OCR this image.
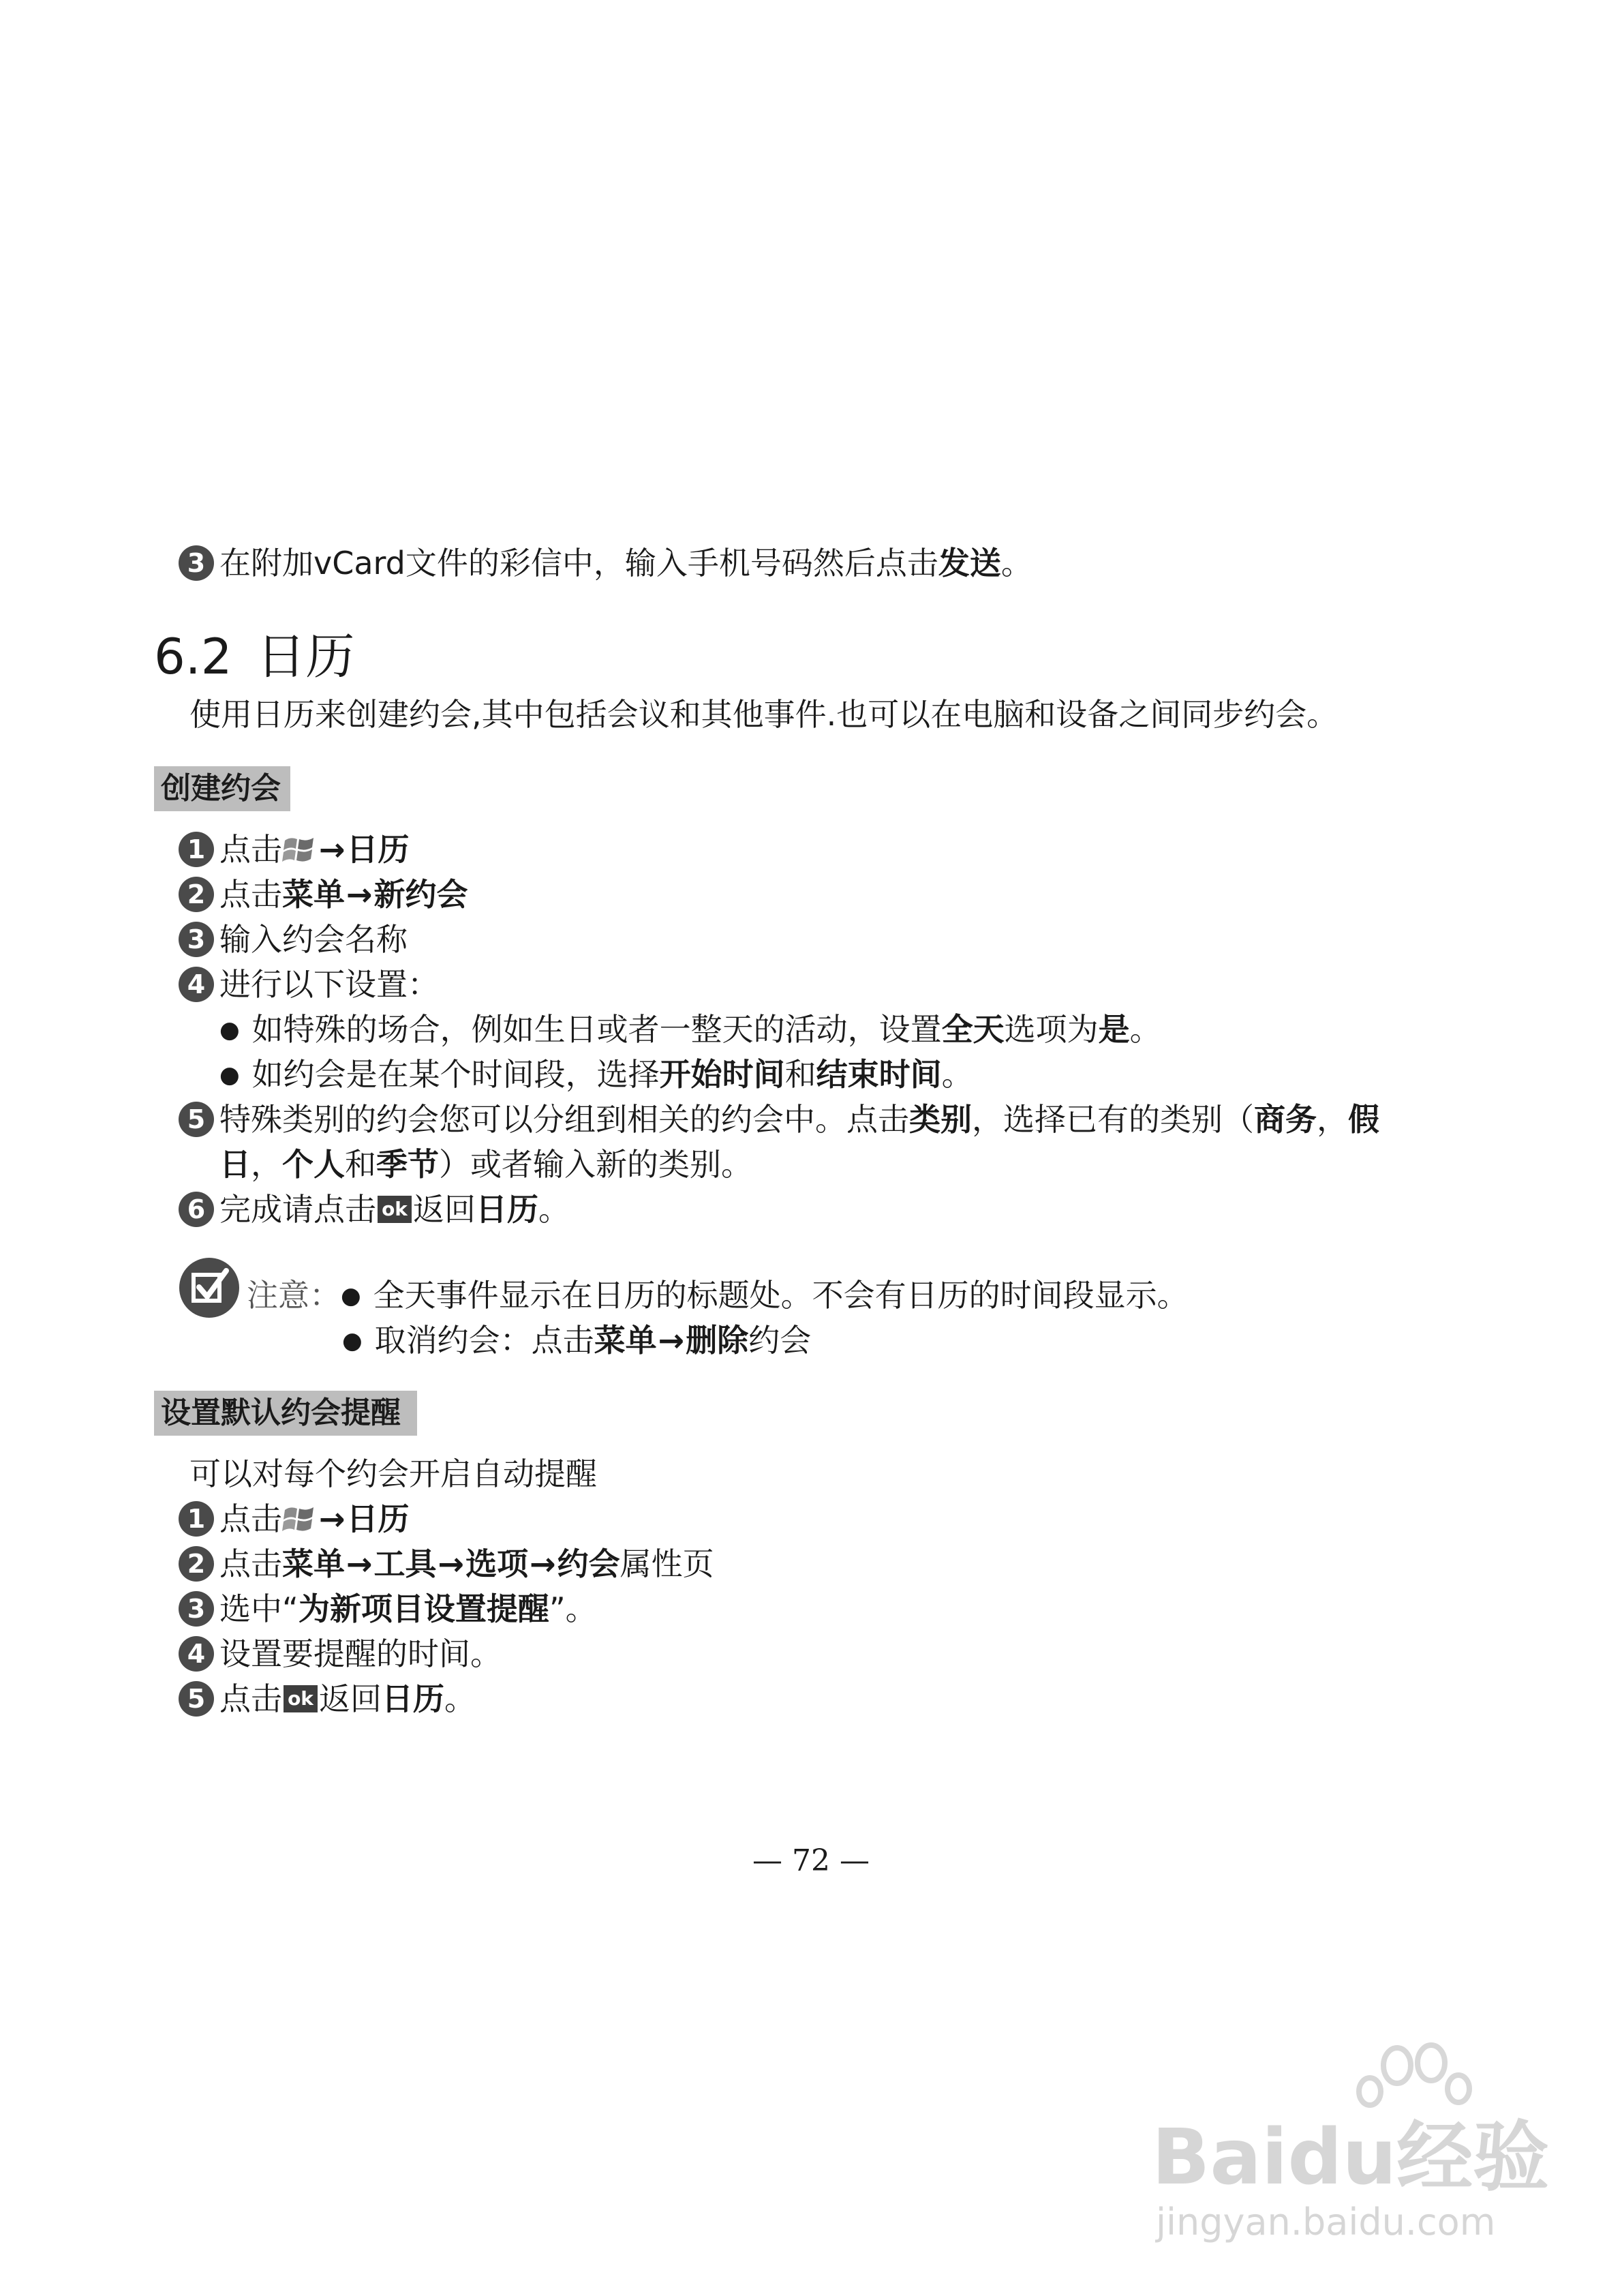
3 在附加vCard文件的彩信中，输入手机号码然后点击发送。
6.2 日历
使用日历来创建约会,其中包括会议和其他事件.也可以在电脑和设备之间同步约会。
创建约会
1 点击 →日历
2 点击菜单→新约会
3 输入约会名称
4 进行以下设置：
● 如特殊的场合，例如生日或者一整天的活动，设置全天选项为是。
● 如约会是在某个时间段，选择开始时间和结束时间。
5 特殊类别的约会您可以分组到相关的约会中。点击类别，选择已有的类别（商务，假
日，个人和季节）或者输入新的类别。
6 完成请点击 ok 返回日历。
注意：● 全天事件显示在日历的标题处。不会有日历的时间段显示。
● 取消约会：点击菜单→删除约会
设置默认约会提醒
可以对每个约会开启自动提醒
1 点击 →日历
2 点击菜单→工具→选项→约会属性页
3 选中“为新项目设置提醒”。
4 设置要提醒的时间。
5 点击 ok 返回日历。
— 72 —
Baidu经验
jingyan.baidu.com
